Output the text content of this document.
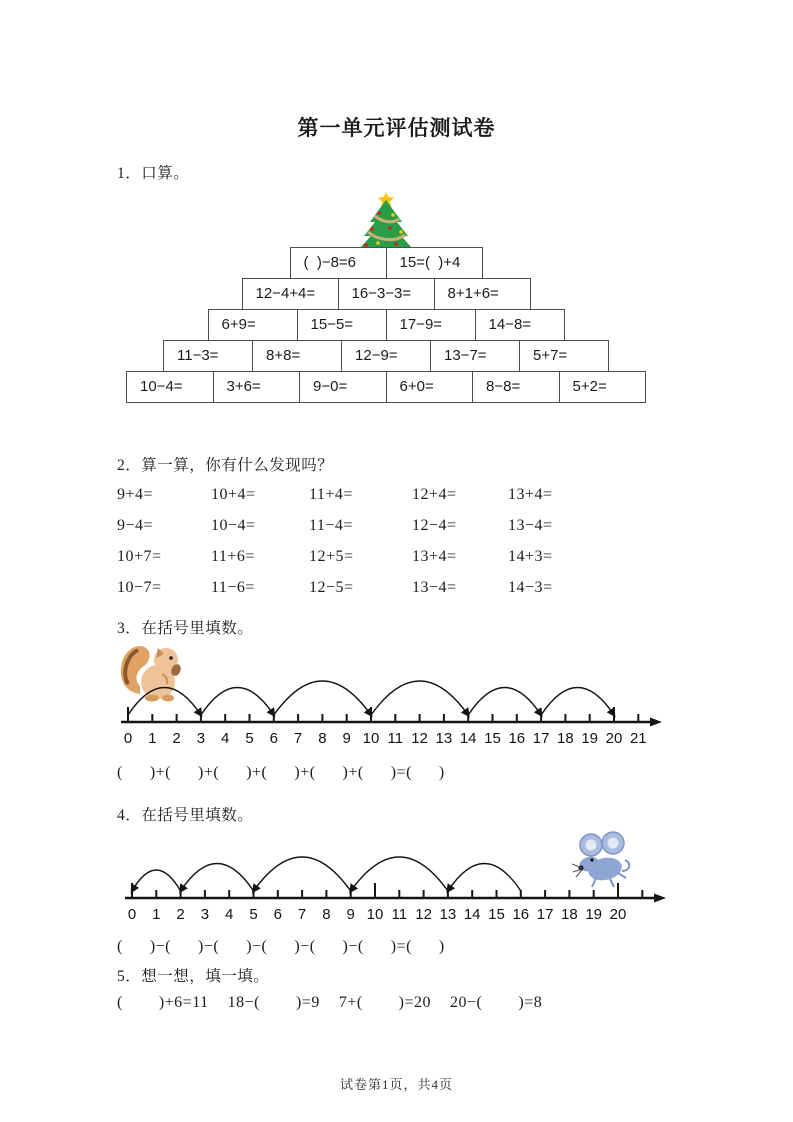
第一单元评估测试卷
1．口算。
(  )−8=6	15=(  )+4
12−4+4=	16−3−3=	8+1+6=
6+9=	15−5=	17−9=	14−8=
11−3=	8+8=	12−9=	13−7=	5+7=
10−4=	3+6=	9−0=	6+0=	8−8=	5+2=
2．算一算，你有什么发现吗？
9+4=	10+4=	11+4=	12+4=	13+4=
9−4=	10−4=	11−4=	12−4=	13−4=
10+7=	11+6=	12+5=	13+4=	14+3=
10−7=	11−6=	12−5=	13−4=	14−3=
3．在括号里填数。
0 1 2 3 4 5 6 7 8 9 10 11 12 13 14 15 16 17 18 19 20 21
(      )+(      )+(      )+(      )+(      )+(      )=(      )
4．在括号里填数。
0 1 2 3 4 5 6 7 8 9 10 11 12 13 14 15 16 17 18 19 20
(      )−(      )−(      )−(      )−(      )−(      )=(      )
5．想一想，填一填。
(        )+6=11 18−(        )=9 7+(        )=20 20−(        )=8
试卷第1页，共4页
